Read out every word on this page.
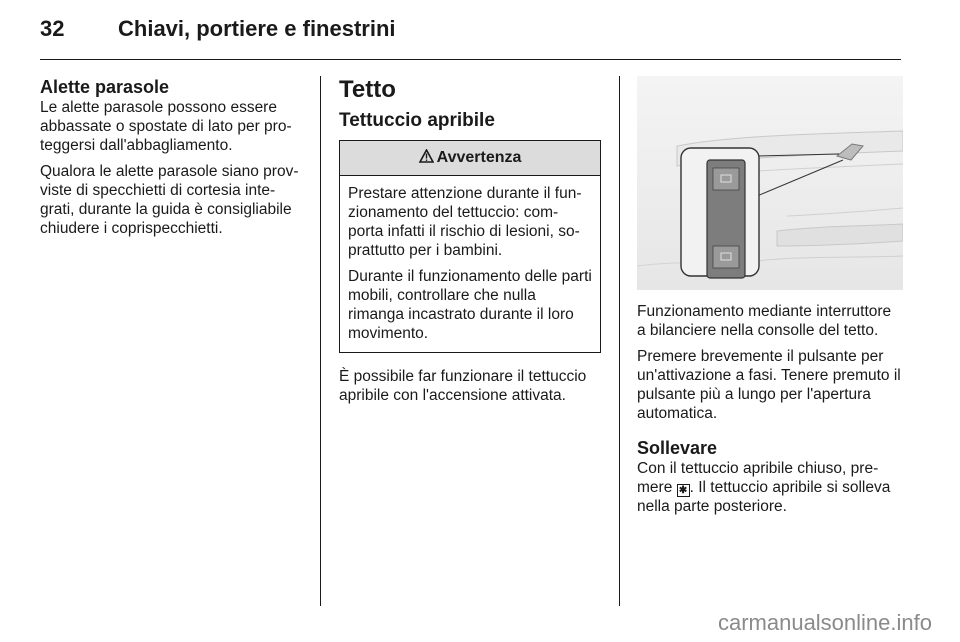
32 Chiavi, portiere e finestrini
Alette parasole

Le alette parasole possono essere abbassate o spostate di lato per pro-teggersi dall'abbagliamento.

Qualora le alette parasole siano prov-viste di specchietti di cortesia inte-grati, durante la guida è consigliabile chiudere i coprispecchietti.

Tetto
Tettuccio apribile
Avvertenza

Prestare attenzione durante il fun-zionamento del tettuccio: com-porta infatti il rischio di lesioni, so-prattutto per i bambini.

Durante il funzionamento delle parti mobili, controllare che nulla rimanga incastrato durante il loro movimento.

È possibile far funzionare il tettuccio apribile con l'accensione attivata.

Funzionamento mediante interruttore a bilanciere nella consolle del tetto.

Premere brevemente il pulsante per un'attivazione a fasi. Tenere premuto il pulsante più a lungo per l'apertura automatica.

Sollevare

Con il tettuccio apribile chiuso, pre-mere ✱ . Il tettuccio apribile si solleva nella parte posteriore.

carmanualsonline.info
